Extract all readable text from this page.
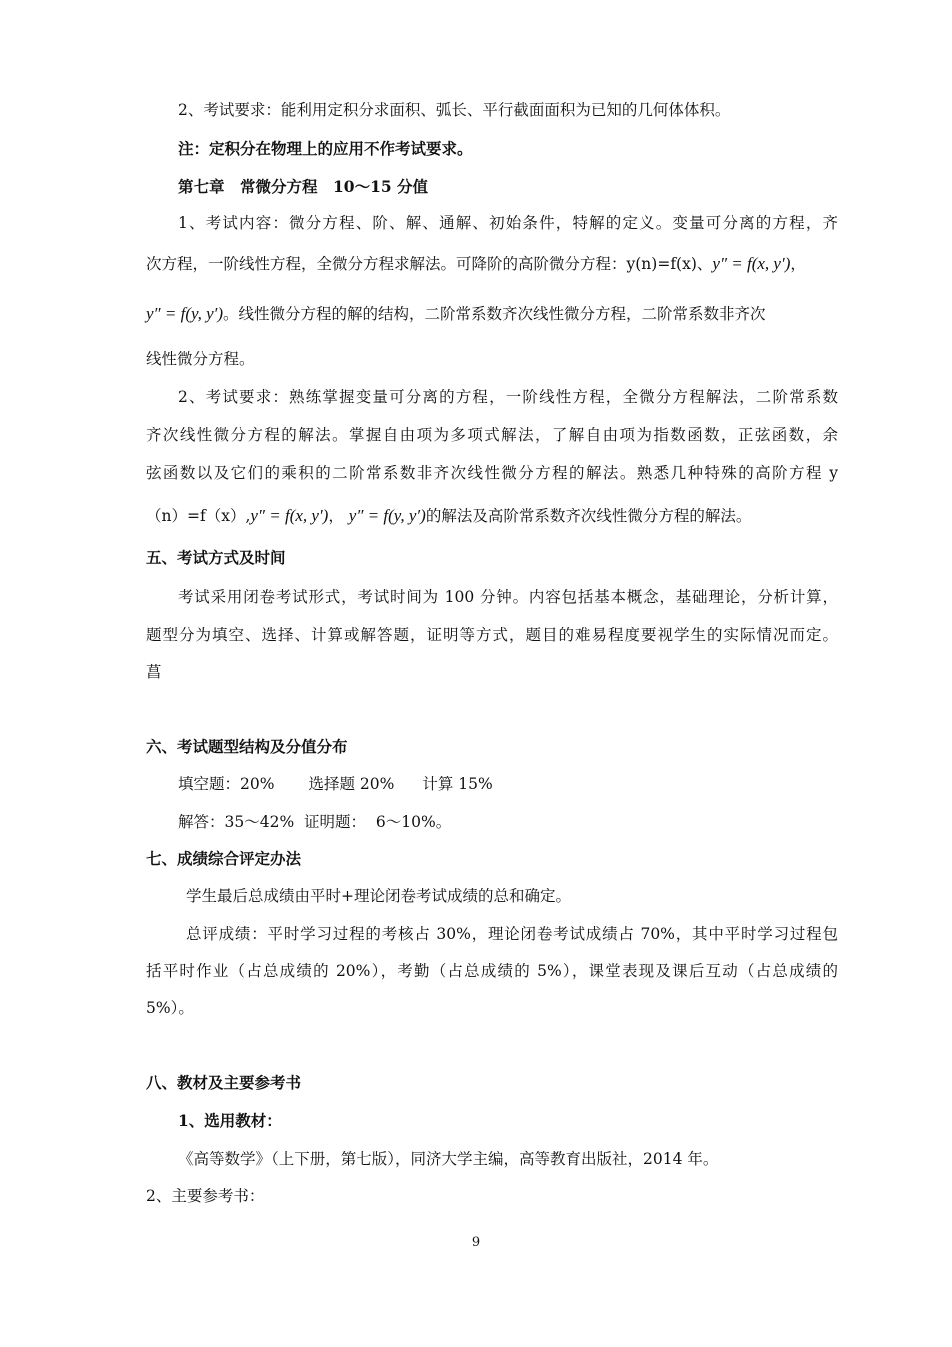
2、考试要求：能利用定积分求面积、弧长、平行截面面积为已知的几何体体积。
注：定积分在物理上的应用不作考试要求。
第七章　常微分方程　10～15 分值
1、考试内容：微分方程、阶、解、通解、初始条件，特解的定义。变量可分离的方程，齐
次方程，一阶线性方程，全微分方程求解法。可降阶的高阶微分方程：y(n)=f(x)、y″ = f(x, y′)，
y″ = f(y, y′)。线性微分方程的解的结构，二阶常系数齐次线性微分方程，二阶常系数非齐次
线性微分方程。
2、考试要求：熟练掌握变量可分离的方程，一阶线性方程，全微分方程解法，二阶常系数
齐次线性微分方程的解法。掌握自由项为多项式解法，了解自由项为指数函数，正弦函数，余
弦函数以及它们的乘积的二阶常系数非齐次线性微分方程的解法。熟悉几种特殊的高阶方程 y
（n）=f（x）,y″ = f(x, y′)， y″ = f(y, y′)的解法及高阶常系数齐次线性微分方程的解法。
五、考试方式及时间
考试采用闭卷考试形式，考试时间为 100 分钟。内容包括基本概念，基础理论，分析计算，
题型分为填空、选择、计算或解答题，证明等方式，题目的难易程度要视学生的实际情况而定。
菖
六、考试题型结构及分值分布
填空题：20% 选择题 20% 计算 15%
解答：35～42% 证明题： 6～10%。
七、成绩综合评定办法
学生最后总成绩由平时+理论闭卷考试成绩的总和确定。
总评成绩：平时学习过程的考核占 30%，理论闭卷考试成绩占 70%，其中平时学习过程包
括平时作业（占总成绩的 20%），考勤（占总成绩的 5%），课堂表现及课后互动（占总成绩的
5%）。
八、教材及主要参考书
1、选用教材：
《高等数学》（上下册，第七版），同济大学主编，高等教育出版社，2014 年。
2、主要参考书：
9
